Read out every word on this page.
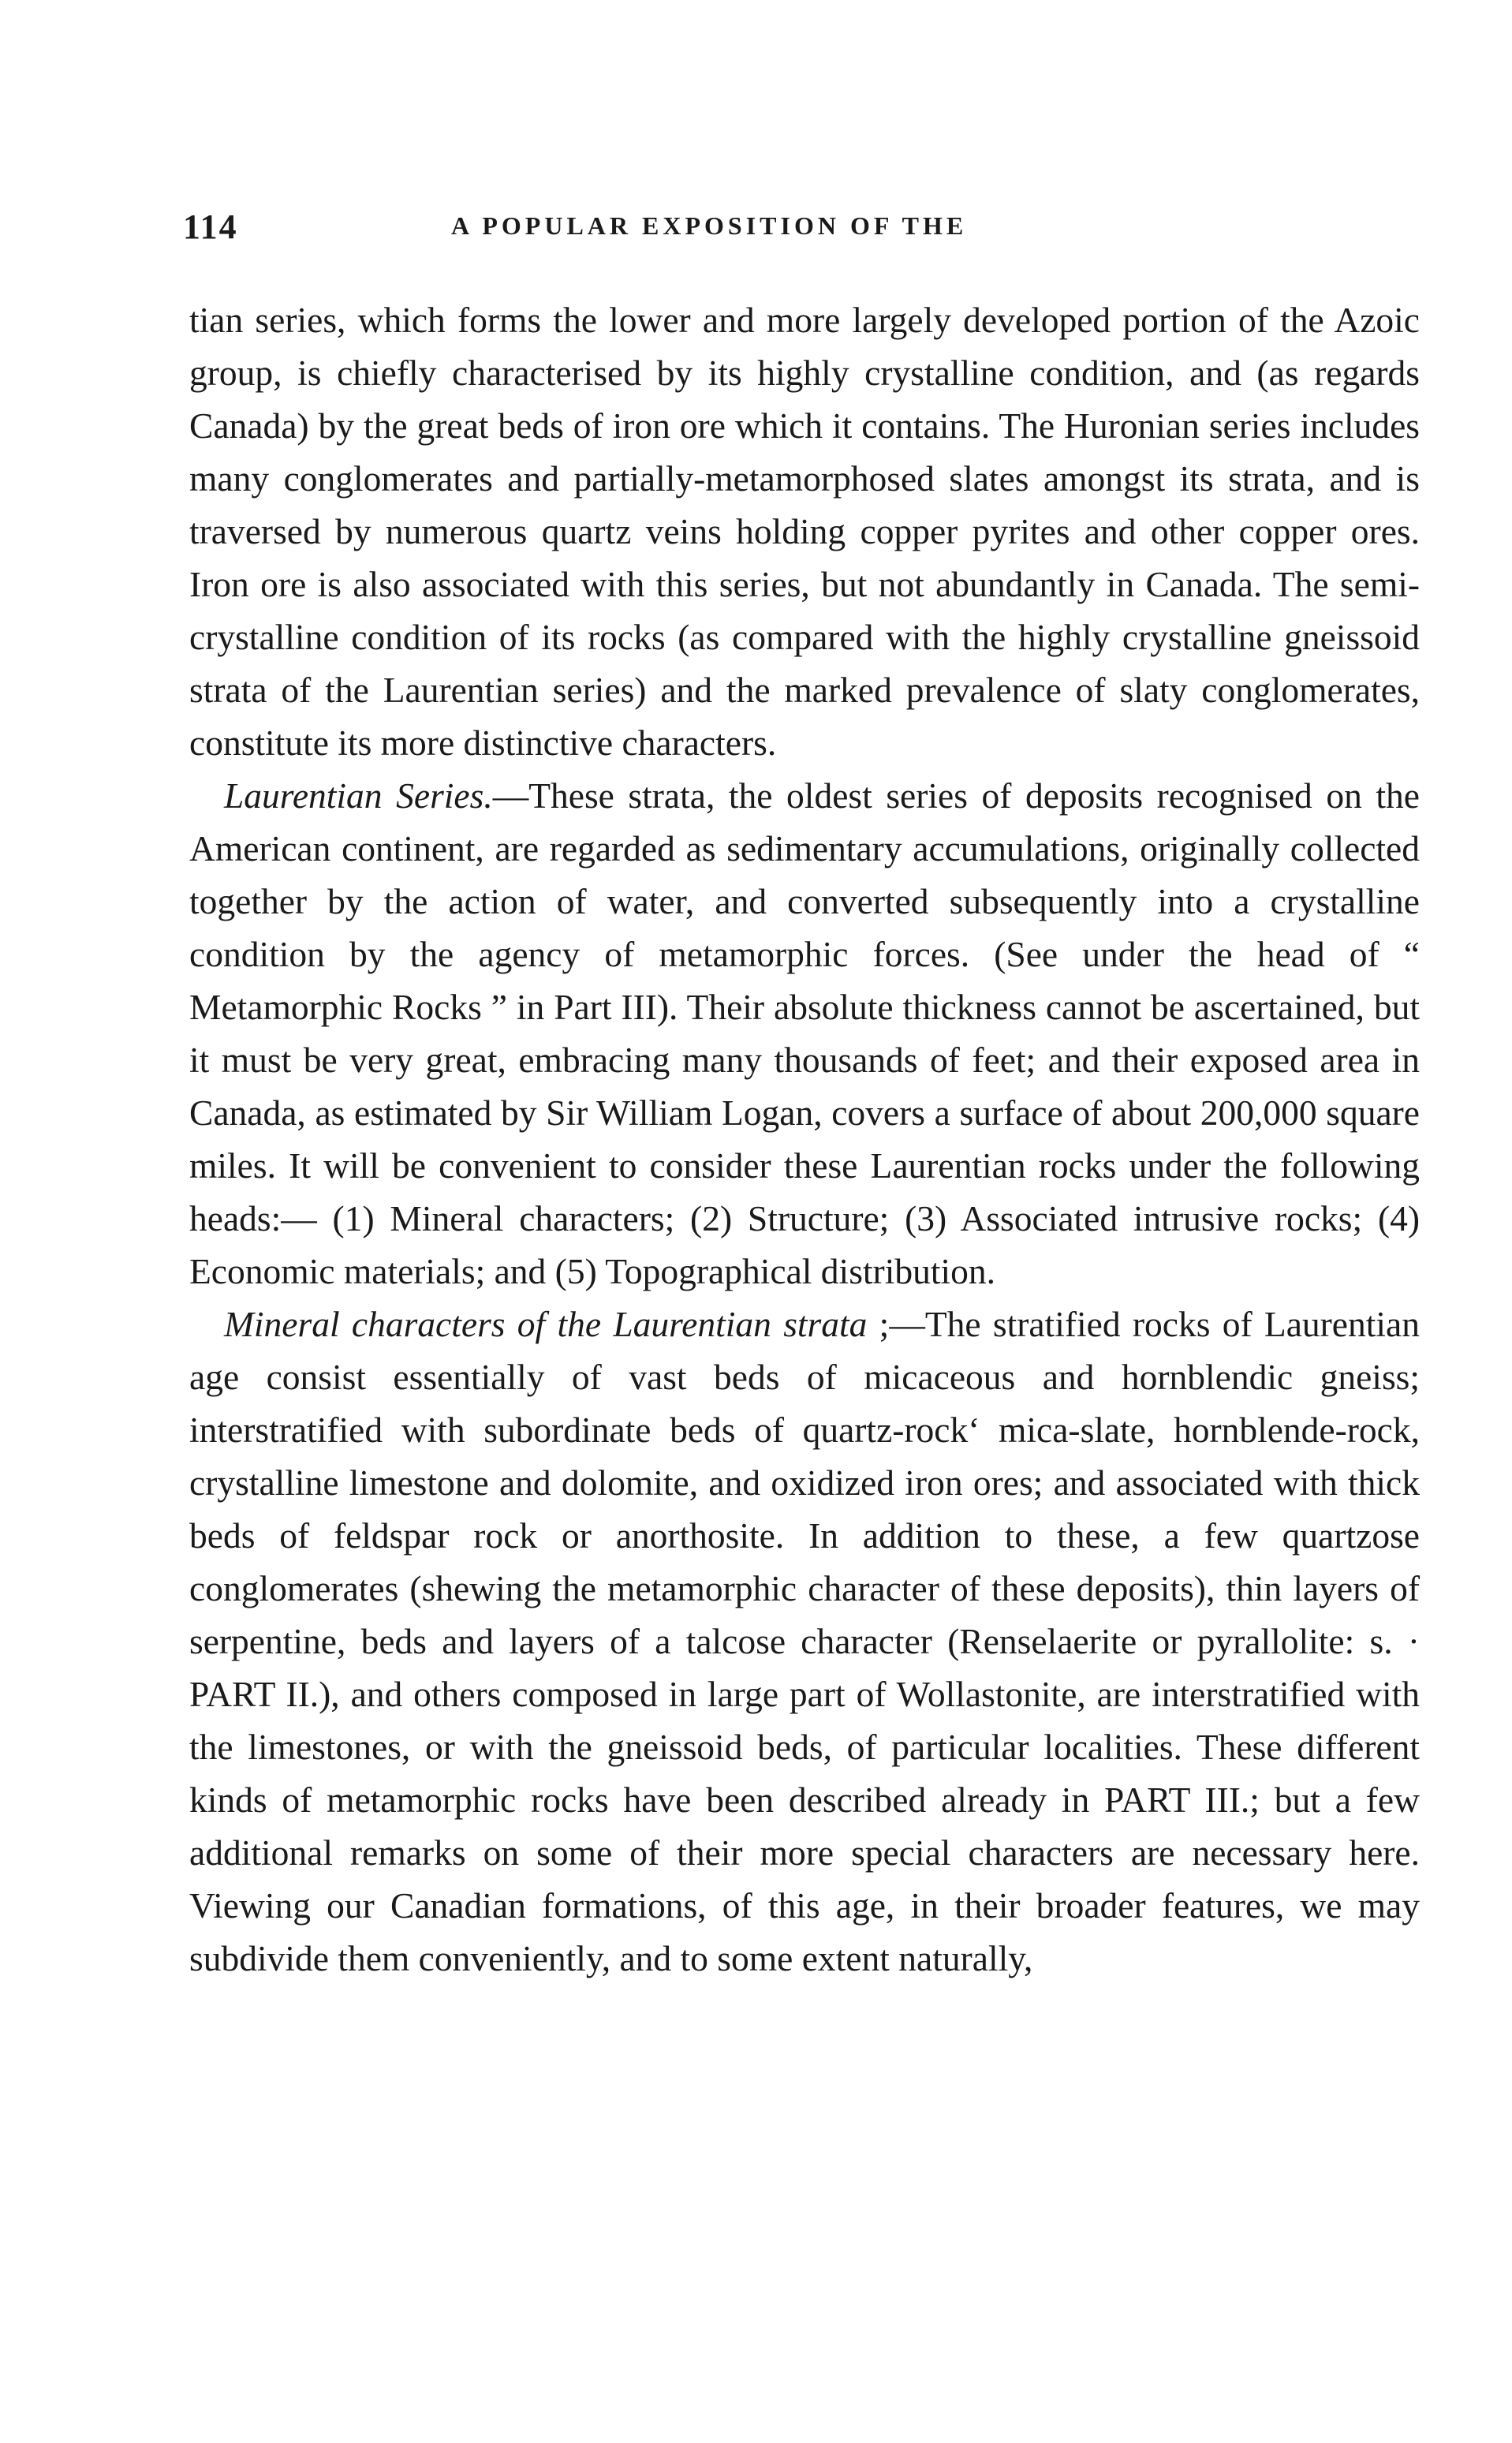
114	A POPULAR EXPOSITION OF THE

tian series, which forms the lower and more largely developed portion of the Azoic group, is chiefly characterised by its highly crystalline condition, and (as regards Canada) by the great beds of iron ore which it contains. The Huronian series includes many conglomerates and partially-metamorphosed slates amongst its strata, and is traversed by numerous quartz veins holding copper pyrites and other copper ores. Iron ore is also associated with this series, but not abundantly in Canada. The semi-crystalline condition of its rocks (as compared with the highly crystalline gneissoid strata of the Laurentian series) and the marked prevalence of slaty conglomerates, constitute its more distinctive characters.

Laurentian Series.—These strata, the oldest series of deposits recognised on the American continent, are regarded as sedimentary accumulations, originally collected together by the action of water, and converted subsequently into a crystalline condition by the agency of metamorphic forces. (See under the head of “ Metamorphic Rocks ” in Part III). Their absolute thickness cannot be ascertained, but it must be very great, embracing many thousands of feet; and their exposed area in Canada, as estimated by Sir William Logan, covers a surface of about 200,000 square miles. It will be convenient to consider these Laurentian rocks under the following heads:— (1) Mineral characters; (2) Structure; (3) Associated intrusive rocks; (4) Economic materials; and (5) Topographical distribution.

Mineral characters of the Laurentian strata ;—The stratified rocks of Laurentian age consist essentially of vast beds of micaceous and hornblendic gneiss; interstratified with subordinate beds of quartz-rock‘ mica-slate, hornblende-rock, crystalline limestone and dolomite, and oxidized iron ores; and associated with thick beds of feldspar rock or anorthosite. In addition to these, a few quartzose conglomerates (shewing the metamorphic character of these deposits), thin layers of serpentine, beds and layers of a talcose character (Renselaerite or pyrallolite: s. · PART II.), and others composed in large part of Wollastonite, are interstratified with the limestones, or with the gneissoid beds, of particular localities. These different kinds of metamorphic rocks have been described already in PART III.; but a few additional remarks on some of their more special characters are necessary here. Viewing our Canadian formations, of this age, in their broader features, we may subdivide them conveniently, and to some extent naturally,
